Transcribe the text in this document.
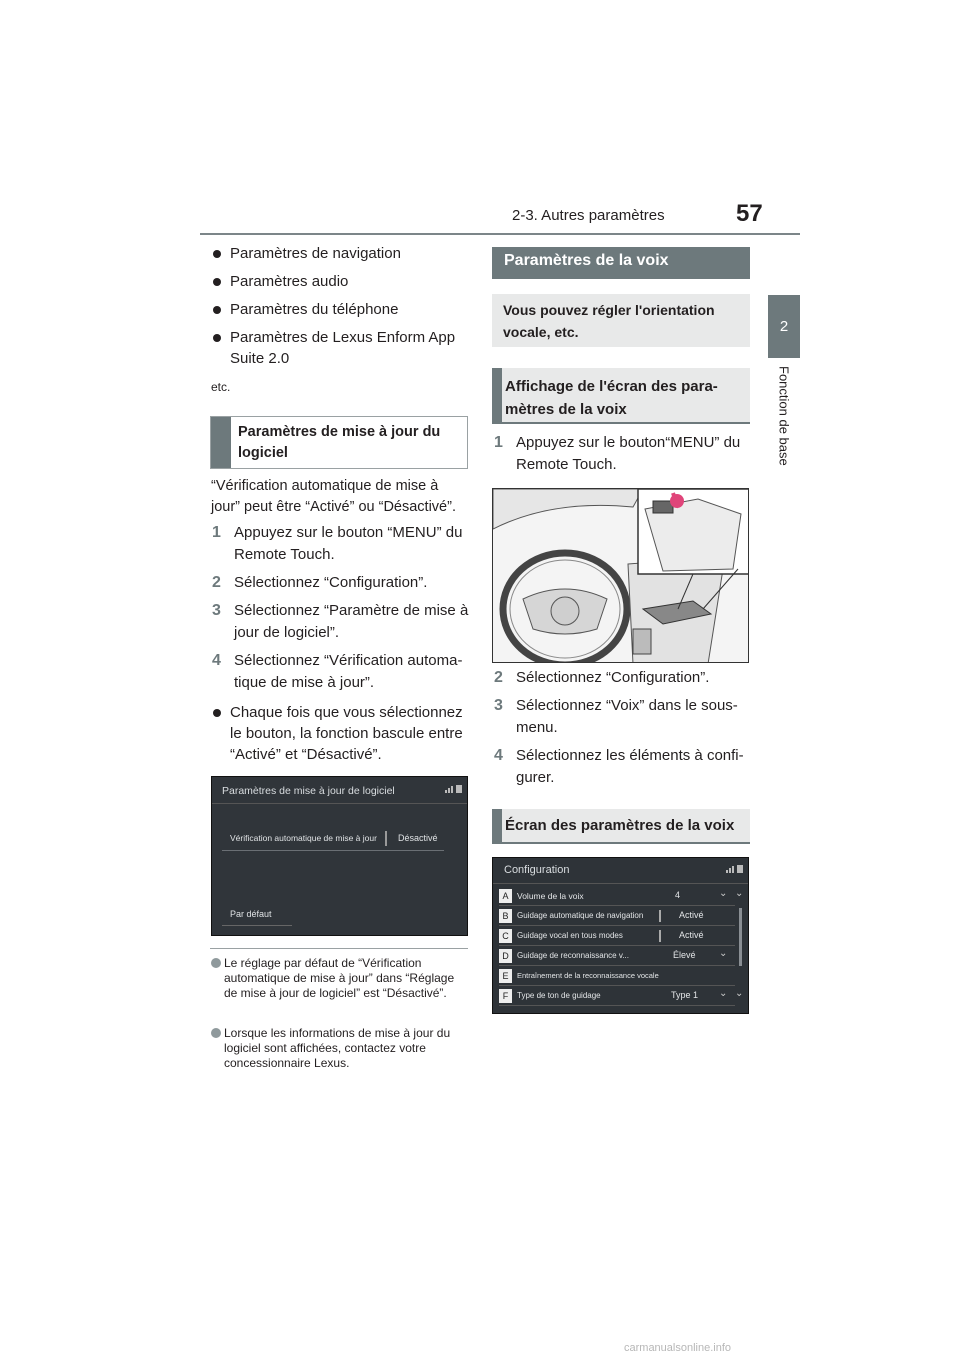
2-3. Autres paramètres	57
2
Fonction de base
Paramètres de navigation
Paramètres audio
Paramètres du téléphone
Paramètres de Lexus Enform App Suite 2.0
etc.
Paramètres de mise à jour du logiciel
“Vérification automatique de mise à jour” peut être “Activé” ou “Désactivé”.
1 Appuyez sur le bouton “MENU” du Remote Touch.
2 Sélectionnez “Configuration”.
3 Sélectionnez “Paramètre de mise à jour de logiciel”.
4 Sélectionnez “Vérification automa-tique de mise à jour”.
Chaque fois que vous sélectionnez le bouton, la fonction bascule entre “Activé” et “Désactivé”.
Paramètres de mise à jour de logiciel
Vérification automatique de mise à jour Désactivé
Par défaut
Le réglage par défaut de “Vérification automatique de mise à jour” dans “Réglage de mise à jour de logiciel” est “Désactivé”.
Lorsque les informations de mise à jour du logiciel sont affichées, contactez votre concessionnaire Lexus.
Paramètres de la voix
Vous pouvez régler l'orientation vocale, etc.
Affichage de l'écran des para-mètres de la voix
1 Appuyez sur le bouton“MENU” du Remote Touch.
2 Sélectionnez “Configuration”.
3 Sélectionnez “Voix” dans le sous-menu.
4 Sélectionnez les éléments à confi-gurer.
Écran des paramètres de la voix
Configuration
A	Volume de la voix	4	⌄ ⌄
B	Guidage automatique de navigation	Activé
C	Guidage vocal en tous modes	Activé
D	Guidage de reconnaissance v...	Élevé ⌄
E	Entraînement de la reconnaissance vocale
F	Type de ton de guidage	Type 1 ⌄ ⌄
carmanualsonline.info
